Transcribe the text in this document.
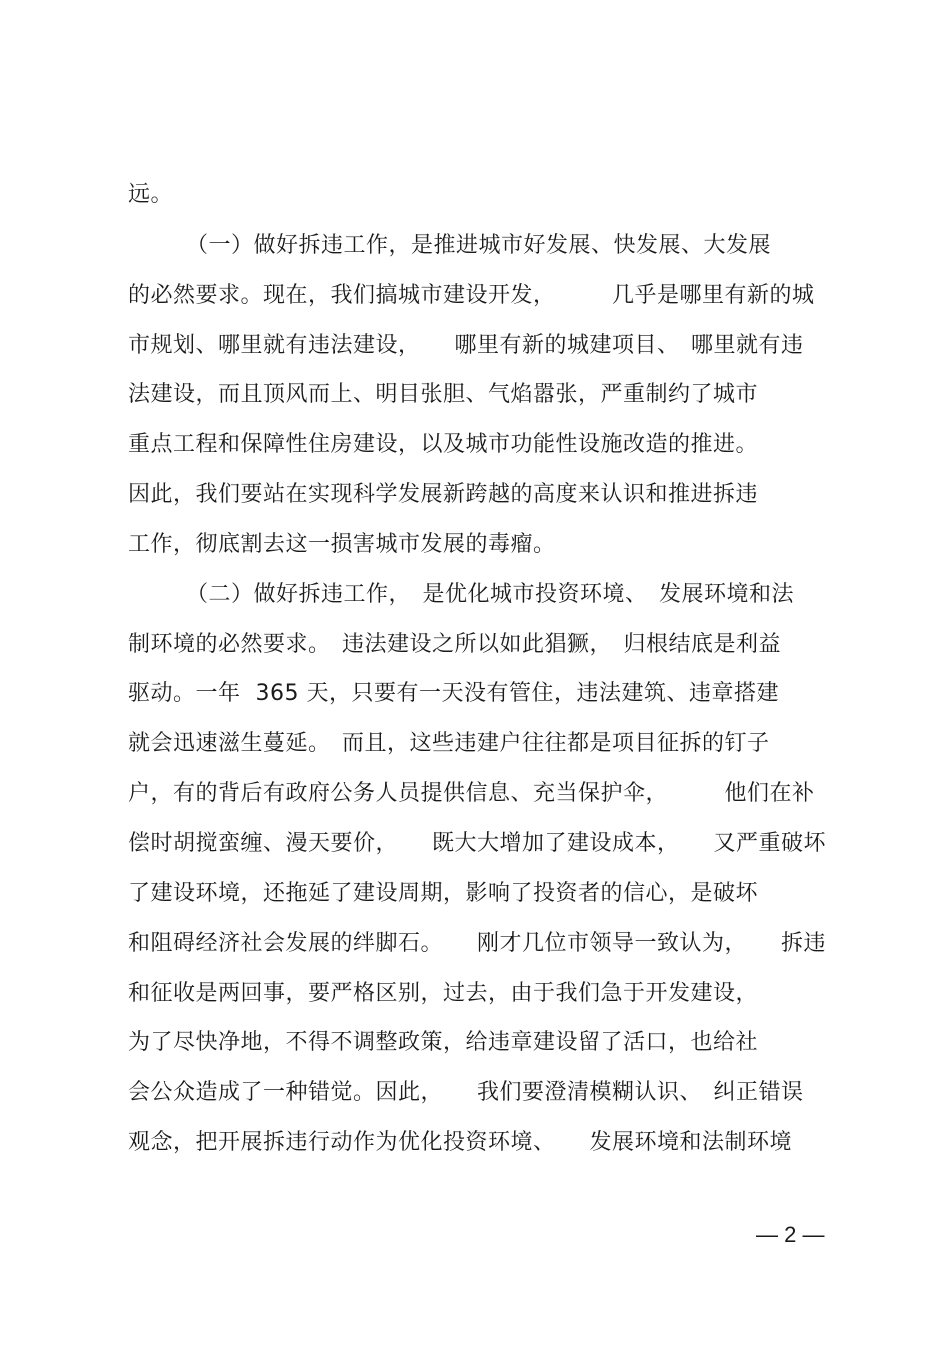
远。
（一）做好拆违工作，是推进城市好发展、快发展、大发展
的必然要求。现在，我们搞城市建设开发，　　　几乎是哪里有新的城
市规划、哪里就有违法建设，　　哪里有新的城建项目、　哪里就有违
法建设，而且顶风而上、明目张胆、气焰嚣张，严重制约了城市
重点工程和保障性住房建设，以及城市功能性设施改造的推进。
因此，我们要站在实现科学发展新跨越的高度来认识和推进拆违
工作，彻底割去这一损害城市发展的毒瘤。
（二）做好拆违工作，　是优化城市投资环境、　发展环境和法
制环境的必然要求。　违法建设之所以如此猖獗，　归根结底是利益
驱动。一年  365 天，只要有一天没有管住，违法建筑、违章搭建
就会迅速滋生蔓延。　而且，这些违建户往往都是项目征拆的钉子
户，有的背后有政府公务人员提供信息、充当保护伞，　　　他们在补
偿时胡搅蛮缠、漫天要价，　　既大大增加了建设成本，　　又严重破坏
了建设环境，还拖延了建设周期，影响了投资者的信心，是破坏
和阻碍经济社会发展的绊脚石。　　刚才几位市领导一致认为，　　拆违
和征收是两回事，要严格区别，过去，由于我们急于开发建设，
为了尽快净地，不得不调整政策，给违章建设留了活口，也给社
会公众造成了一种错觉。因此，　　我们要澄清模糊认识、　纠正错误
观念，把开展拆违行动作为优化投资环境、　　发展环境和法制环境
— 2 —
